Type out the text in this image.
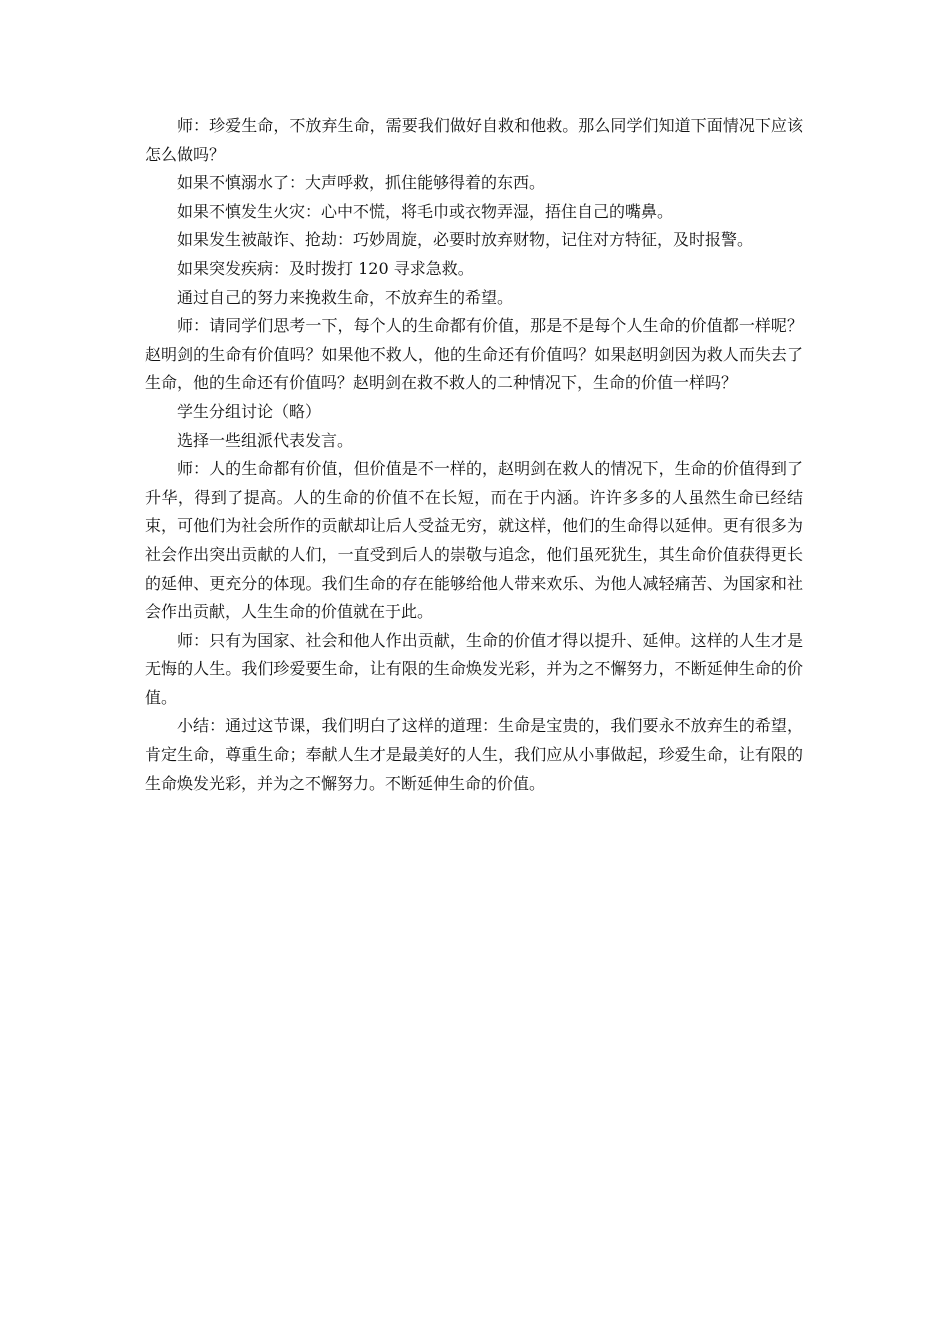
师：珍爱生命，不放弃生命，需要我们做好自救和他救。那么同学们知道下面情况下应该怎么做吗？

如果不慎溺水了：大声呼救，抓住能够得着的东西。

如果不慎发生火灾：心中不慌，将毛巾或衣物弄湿，捂住自己的嘴鼻。

如果发生被敲诈、抢劫：巧妙周旋，必要时放弃财物，记住对方特征，及时报警。

如果突发疾病：及时拨打 120 寻求急救。

通过自己的努力来挽救生命，不放弃生的希望。

师：请同学们思考一下，每个人的生命都有价值，那是不是每个人生命的价值都一样呢？赵明剑的生命有价值吗？如果他不救人，他的生命还有价值吗？如果赵明剑因为救人而失去了生命，他的生命还有价值吗？赵明剑在救不救人的二种情况下，生命的价值一样吗？

学生分组讨论（略）

选择一些组派代表发言。

师：人的生命都有价值，但价值是不一样的，赵明剑在救人的情况下，生命的价值得到了升华，得到了提高。人的生命的价值不在长短，而在于内涵。许许多多的人虽然生命已经结束，可他们为社会所作的贡献却让后人受益无穷，就这样，他们的生命得以延伸。更有很多为社会作出突出贡献的人们，一直受到后人的崇敬与追念，他们虽死犹生，其生命价值获得更长的延伸、更充分的体现。我们生命的存在能够给他人带来欢乐、为他人减轻痛苦、为国家和社会作出贡献，人生生命的价值就在于此。

师：只有为国家、社会和他人作出贡献，生命的价值才得以提升、延伸。这样的人生才是无悔的人生。我们珍爱要生命，让有限的生命焕发光彩，并为之不懈努力，不断延伸生命的价值。

小结：通过这节课，我们明白了这样的道理：生命是宝贵的，我们要永不放弃生的希望，肯定生命，尊重生命；奉献人生才是最美好的人生，我们应从小事做起，珍爱生命，让有限的生命焕发光彩，并为之不懈努力。不断延伸生命的价值。
